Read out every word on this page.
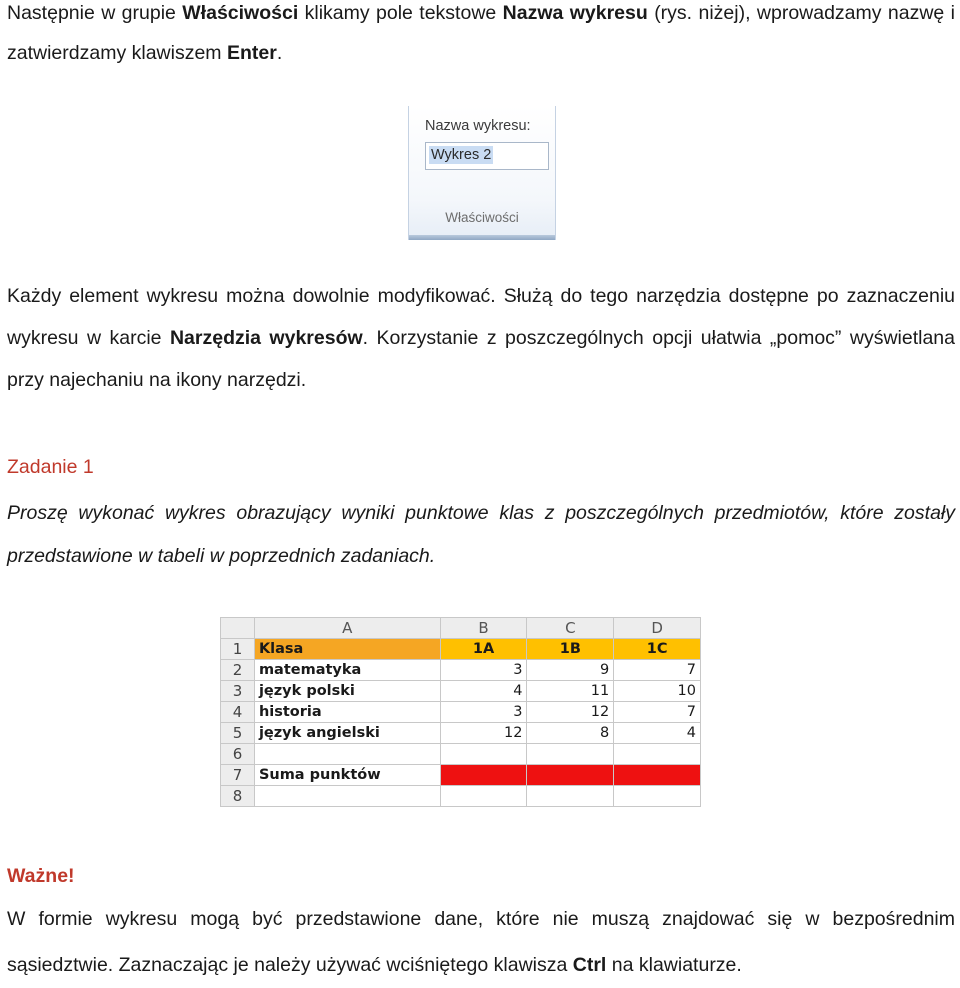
Następnie w grupie Właściwości klikamy pole tekstowe Nazwa wykresu (rys. niżej), wprowadzamy nazwę i zatwierdzamy klawiszem Enter.

Nazwa wykresu:
Wykres 2
Właściwości

Każdy element wykresu można dowolnie modyfikować. Służą do tego narzędzia dostępne po zaznaczeniu wykresu w karcie Narzędzia wykresów. Korzystanie z poszczególnych opcji ułatwia „pomoc” wyświetlana przy najechaniu na ikony narzędzi.

Zadanie 1

Proszę wykonać wykres obrazujący wyniki punktowe klas z poszczególnych przedmiotów, które zostały przedstawione w tabeli w poprzednich zadaniach.

	A	B	C	D
1	Klasa	1A	1B	1C
2	matematyka	3	9	7
3	język polski	4	11	10
4	historia	3	12	7
5	język angielski	12	8	4
6				
7	Suma punktów			
8				

Ważne!

W formie wykresu mogą być przedstawione dane, które nie muszą znajdować się w bezpośrednim sąsiedztwie. Zaznaczając je należy używać wciśniętego klawisza Ctrl na klawiaturze.
